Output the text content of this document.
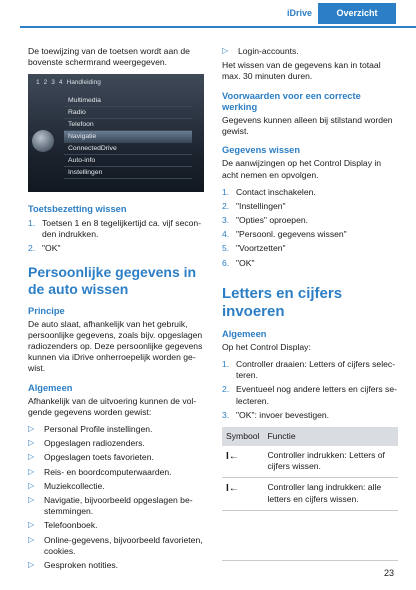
iDrive	Overzicht

De toewijzing van de toetsen wordt aan de bovenste schermrand weergegeven.

1 2 3 4 Handleiding
Multimedia
Radio
Telefoon
Navigatie
ConnectedDrive
Auto-info
Instellingen
Toetsbezetting wissen
1. Toetsen 1 en 8 tegelijkertijd ca. vijf seconden indrukken.
2. "OK"
Persoonlijke gegevens in de auto wissen
Principe

De auto slaat, afhankelijk van het gebruik, persoonlijke gegevens, zoals bijv. opgeslagen radiozenders op. Deze persoonlijke gegevens kunnen via iDrive onherroepelijk worden gewist.

Algemeen

Afhankelijk van de uitvoering kunnen de volgende gegevens worden gewist:

▷ Personal Profile instellingen.
▷ Opgeslagen radiozenders.
▷ Opgeslagen toets favorieten.
▷ Reis- en boordcomputerwaarden.
▷ Muziekcollectie.
▷ Navigatie, bijvoorbeeld opgeslagen bestemmingen.
▷ Telefoonboek.
▷ Online-gegevens, bijvoorbeeld favorieten, cookies.
▷ Gesproken notities.
▷ Login-accounts.

Het wissen van de gegevens kan in totaal max. 30 minuten duren.

Voorwaarden voor een correcte werking

Gegevens kunnen alleen bij stilstand worden gewist.

Gegevens wissen

De aanwijzingen op het Control Display in acht nemen en opvolgen.

1. Contact inschakelen.
2. "Instellingen"
3. "Opties" oproepen.
4. "Persoonl. gegevens wissen"
5. "Voortzetten"
6. "OK"
Letters en cijfers invoeren
Algemeen

Op het Control Display:

1. Controller draaien: Letters of cijfers selecteren.
2. Eventueel nog andere letters en cijfers selecteren.
3. "OK": invoer bevestigen.
Symbool	Functie
I←	Controller indrukken: Letters of cijfers wissen.
I←	Controller lang indrukken: alle letters en cijfers wissen.
23
